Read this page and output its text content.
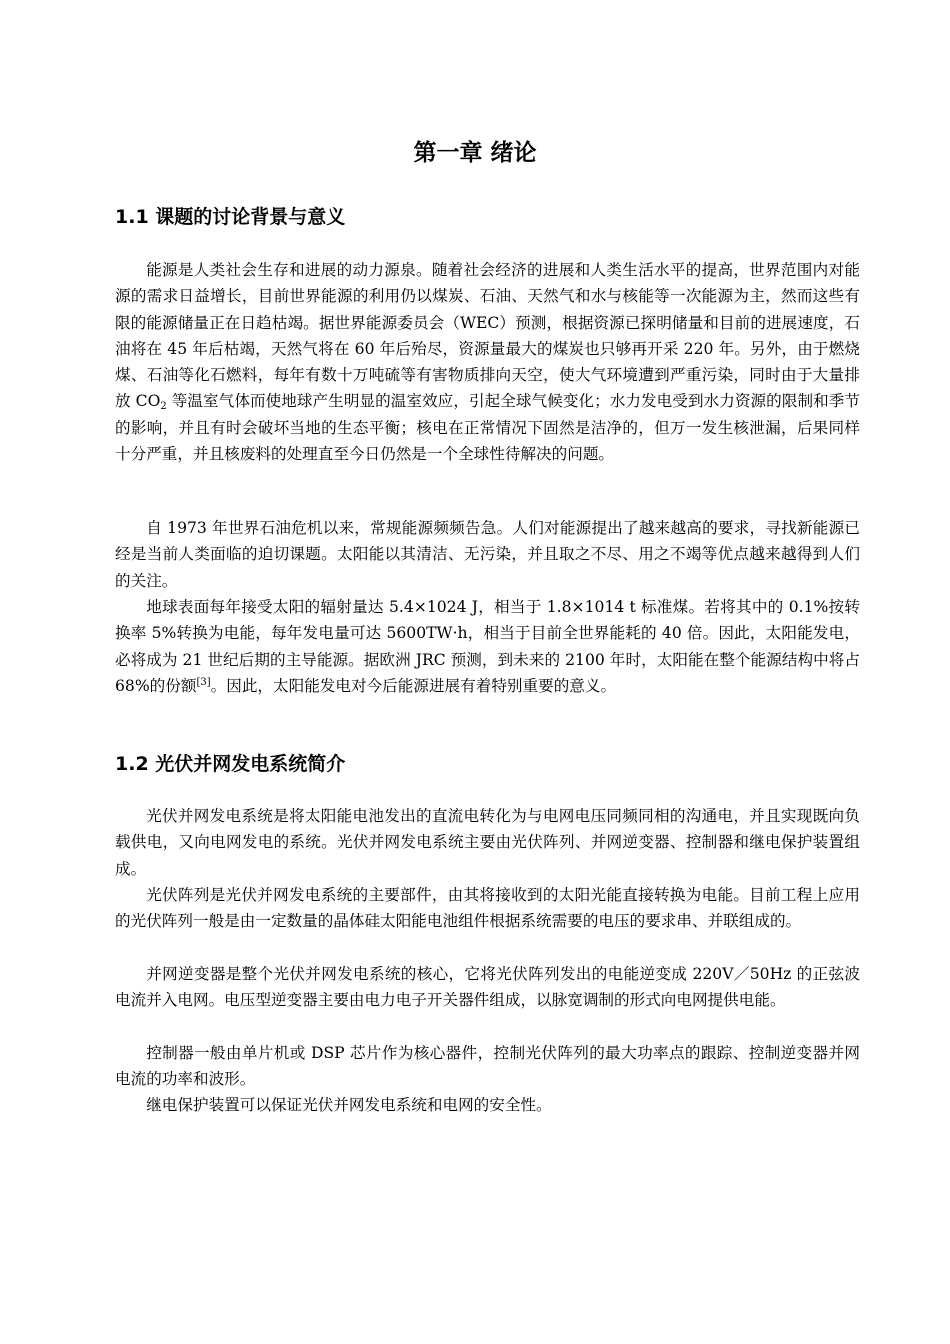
第一章 绪论
1.1 课题的讨论背景与意义

能源是人类社会生存和进展的动力源泉。随着社会经济的进展和人类生活水平的提高，世界范围内对能源的需求日益增长，目前世界能源的利用仍以煤炭、石油、天然气和水与核能等一次能源为主，然而这些有限的能源储量正在日趋枯竭。据世界能源委员会（WEC）预测，根据资源已探明储量和目前的进展速度，石油将在 45 年后枯竭，天然气将在 60 年后殆尽，资源量最大的煤炭也只够再开采 220 年。另外，由于燃烧煤、石油等化石燃料，每年有数十万吨硫等有害物质排向天空，使大气环境遭到严重污染，同时由于大量排放 $CO_2$ 等温室气体而使地球产生明显的温室效应，引起全球气候变化；水力发电受到水力资源的限制和季节的影响，并且有时会破坏当地的生态平衡；核电在正常情况下固然是洁净的，但万一发生核泄漏，后果同样十分严重，并且核废料的处理直至今日仍然是一个全球性待解决的问题。

自 1973 年世界石油危机以来，常规能源频频告急。人们对能源提出了越来越高的要求，寻找新能源已经是当前人类面临的迫切课题。太阳能以其清洁、无污染，并且取之不尽、用之不竭等优点越来越得到人们的关注。

地球表面每年接受太阳的辐射量达 5.4×1024 J，相当于 1.8×1014 t 标准煤。若将其中的 0.1%按转换率 5%转换为电能，每年发电量可达 5600TW·h，相当于目前全世界能耗的 40 倍。因此，太阳能发电，必将成为 21 世纪后期的主导能源。据欧洲 JRC 预测，到未来的 2100 年时，太阳能在整个能源结构中将占 68%的份额[3]。因此，太阳能发电对今后能源进展有着特别重要的意义。

1.2 光伏并网发电系统简介

光伏并网发电系统是将太阳能电池发出的直流电转化为与电网电压同频同相的沟通电，并且实现既向负载供电，又向电网发电的系统。光伏并网发电系统主要由光伏阵列、并网逆变器、控制器和继电保护装置组成。

光伏阵列是光伏并网发电系统的主要部件，由其将接收到的太阳光能直接转换为电能。目前工程上应用的光伏阵列一般是由一定数量的晶体硅太阳能电池组件根据系统需要的电压的要求串、并联组成的。

并网逆变器是整个光伏并网发电系统的核心，它将光伏阵列发出的电能逆变成 220V／50Hz 的正弦波电流并入电网。电压型逆变器主要由电力电子开关器件组成，以脉宽调制的形式向电网提供电能。

控制器一般由单片机或 DSP 芯片作为核心器件，控制光伏阵列的最大功率点的跟踪、控制逆变器并网电流的功率和波形。

继电保护装置可以保证光伏并网发电系统和电网的安全性。
